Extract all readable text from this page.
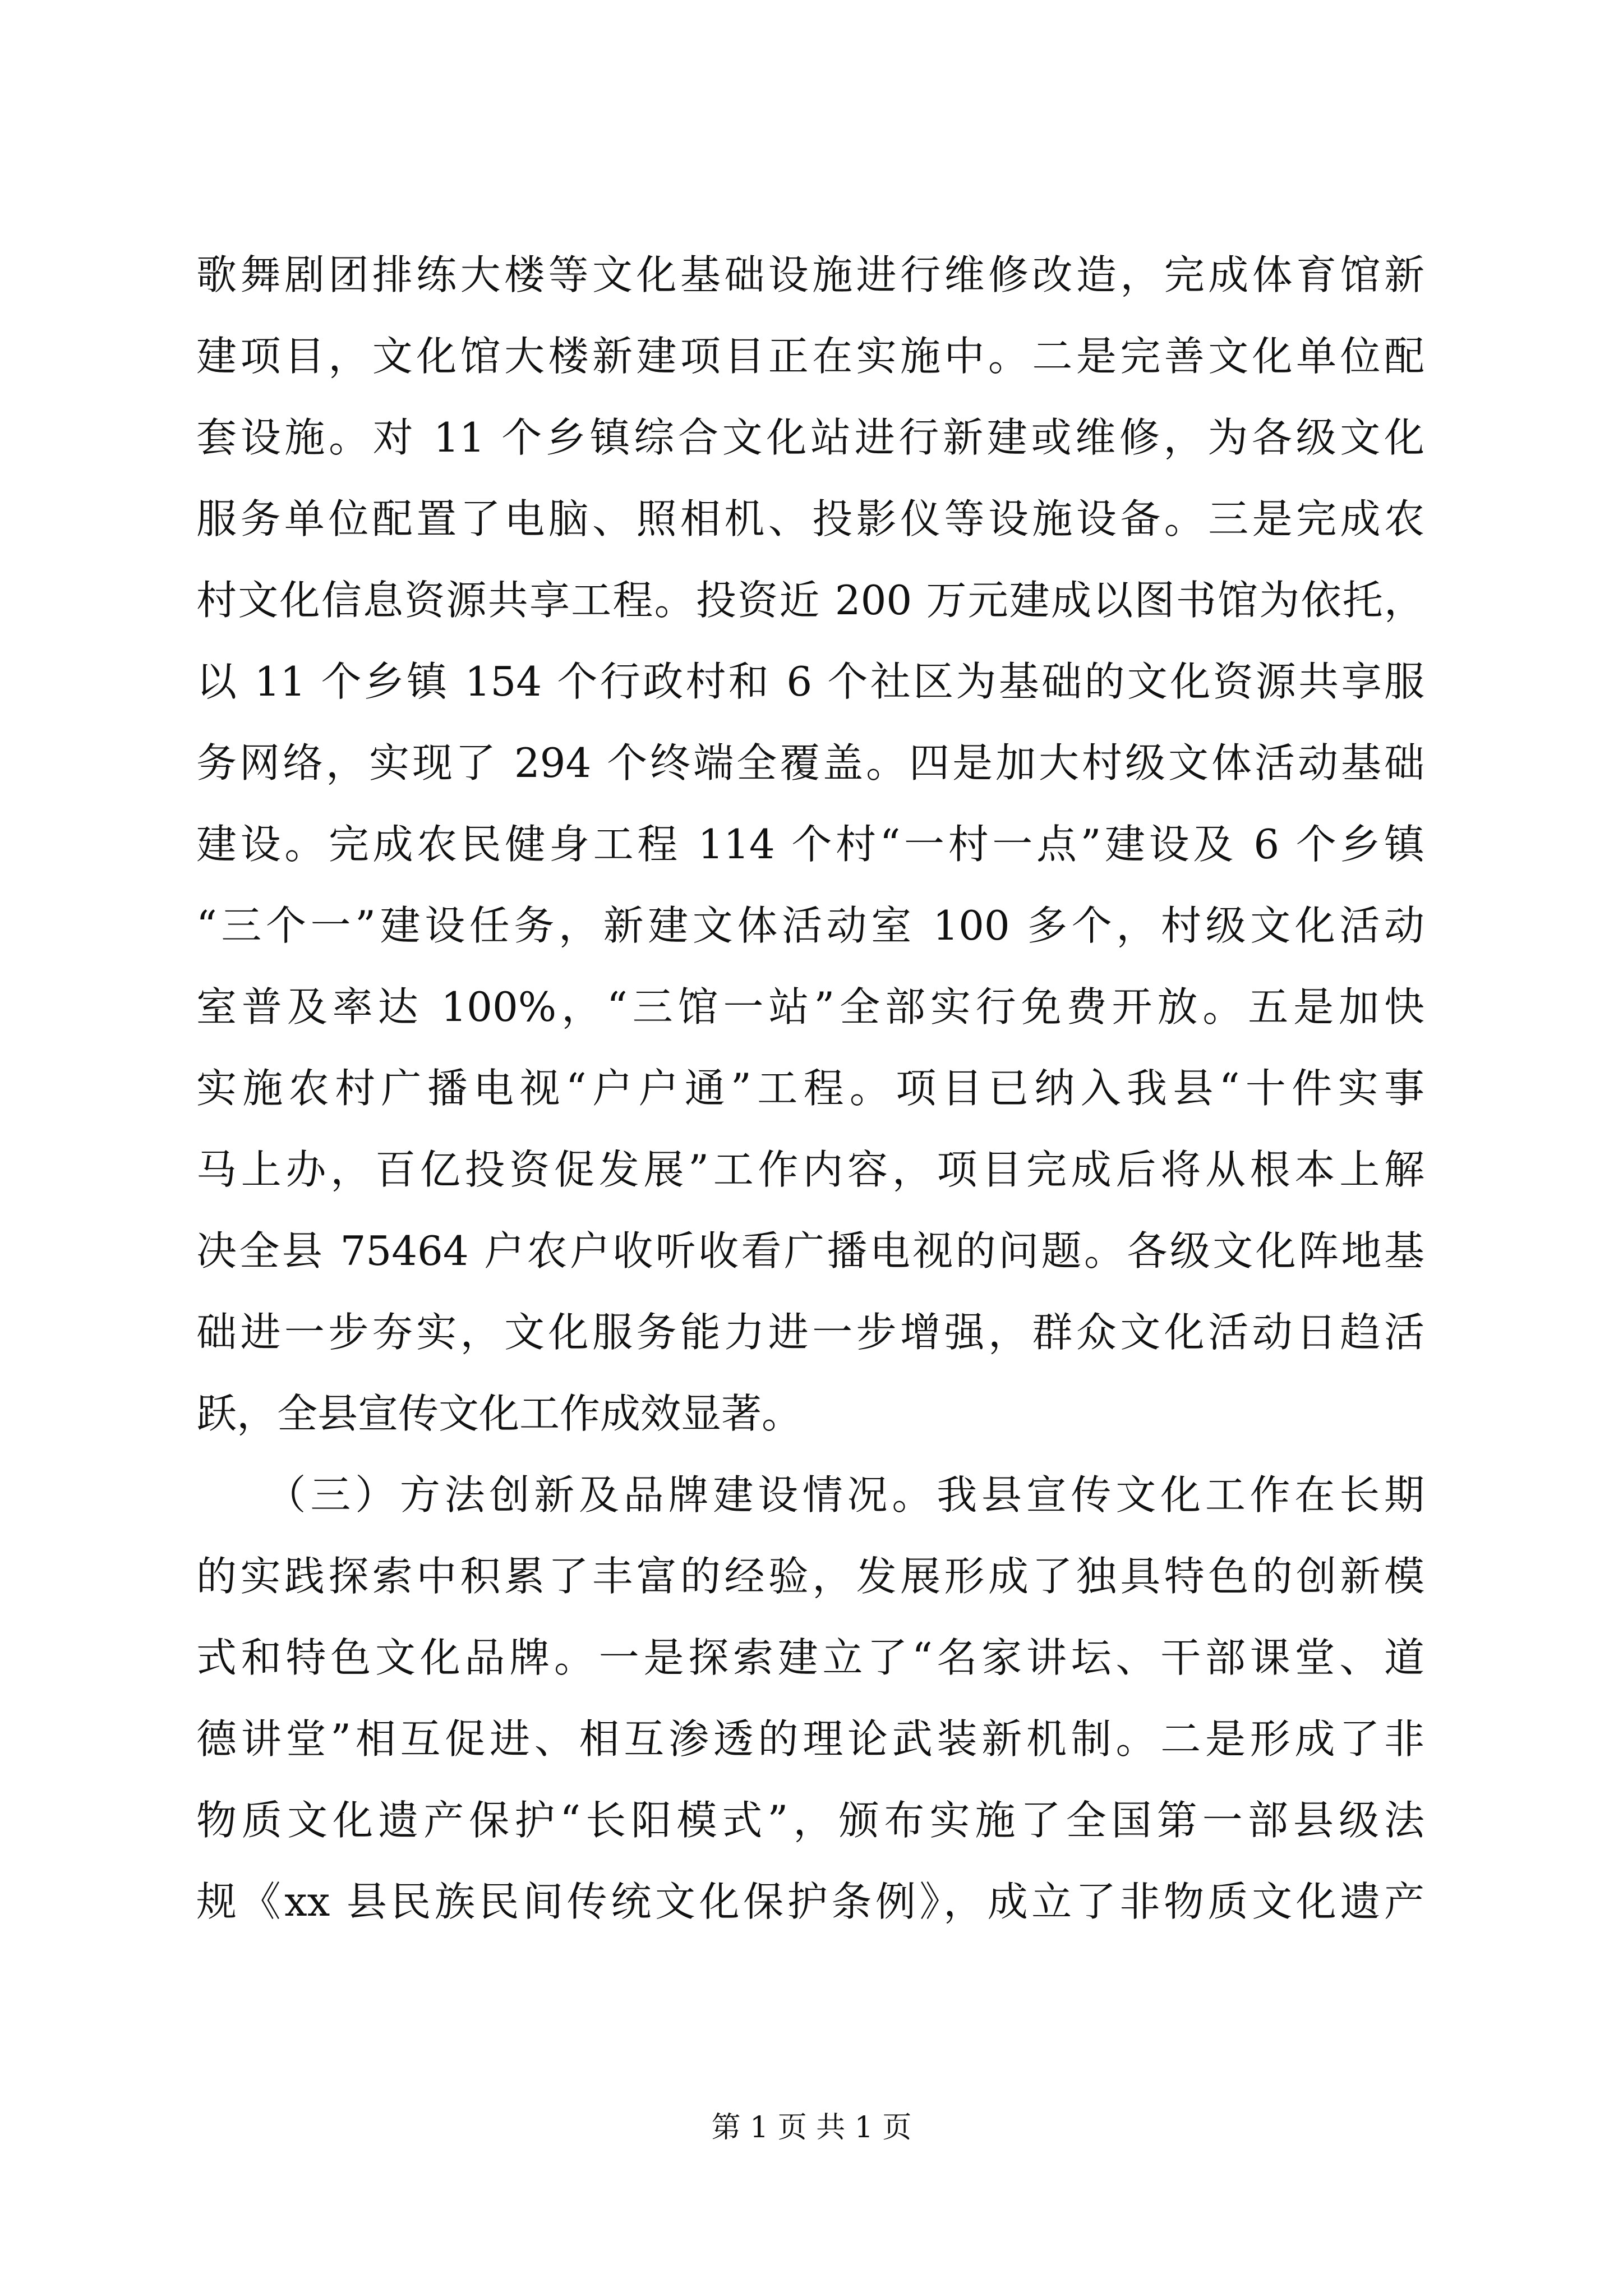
歌舞剧团排练大楼等文化基础设施进行维修改造，完成体育馆新
建项目，文化馆大楼新建项目正在实施中。二是完善文化单位配
套设施。对 11 个乡镇综合文化站进行新建或维修，为各级文化
服务单位配置了电脑、照相机、投影仪等设施设备。三是完成农
村文化信息资源共享工程。投资近 200 万元建成以图书馆为依托，
以 11 个乡镇 154 个行政村和 6 个社区为基础的文化资源共享服
务网络，实现了 294 个终端全覆盖。四是加大村级文体活动基础
建设。完成农民健身工程 114 个村“一村一点”建设及 6 个乡镇
“三个一”建设任务，新建文体活动室 100 多个，村级文化活动
室普及率达 100%，“三馆一站”全部实行免费开放。五是加快
实施农村广播电视“户户通”工程。项目已纳入我县“十件实事
马上办，百亿投资促发展”工作内容，项目完成后将从根本上解
决全县 75464 户农户收听收看广播电视的问题。各级文化阵地基
础进一步夯实，文化服务能力进一步增强，群众文化活动日趋活
跃，全县宣传文化工作成效显著。
　　（三）方法创新及品牌建设情况。我县宣传文化工作在长期
的实践探索中积累了丰富的经验，发展形成了独具特色的创新模
式和特色文化品牌。一是探索建立了“名家讲坛、干部课堂、道
德讲堂”相互促进、相互渗透的理论武装新机制。二是形成了非
物质文化遗产保护“长阳模式”，颁布实施了全国第一部县级法
规《xx 县民族民间传统文化保护条例》，成立了非物质文化遗产
第 1 页 共 1 页
